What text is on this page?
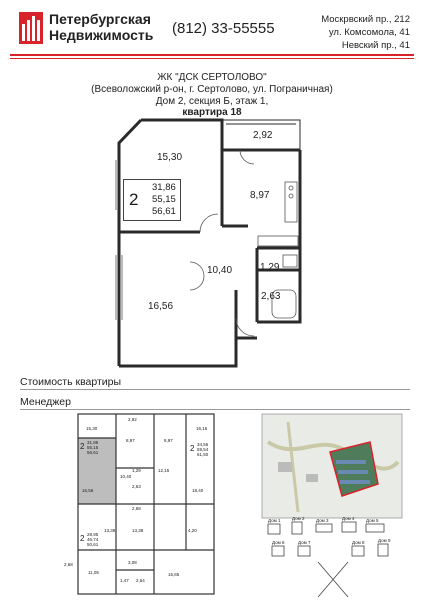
Петербургская
Недвижимость (812) 33-55555
Москрвский пр., 212
ул. Комсомола, 41
Невский пр., 41
ЖК "ДСК СЕРТОЛОВО"
(Всеволожский р-он, г. Сертолово, ул. Пограничная)
Дом 2, секция Б, этаж 1,
квартира 18
15,30
2,92
8,97
10,40	1,29
2,63
16,56
2
31,86
55,15
56,61
Стоимость квартиры
Менеджер
15,30
2,92
8,97	8,97
16,16
10,40
1,29
2,63
12,15
16,56
2,68
18,40
13,38	4,20
13,38
3,08
11,05
1,47 2,64
15,65
2,68
2 31,86
55,15
56,61	2 34,56
59,54
61,50
2 28,95
46,74
50,61
Дом 1	Дом 2	Дом 3	Дом 4	Дом 5
Дом 6	Дом 7	Дом 8	Дом 9
